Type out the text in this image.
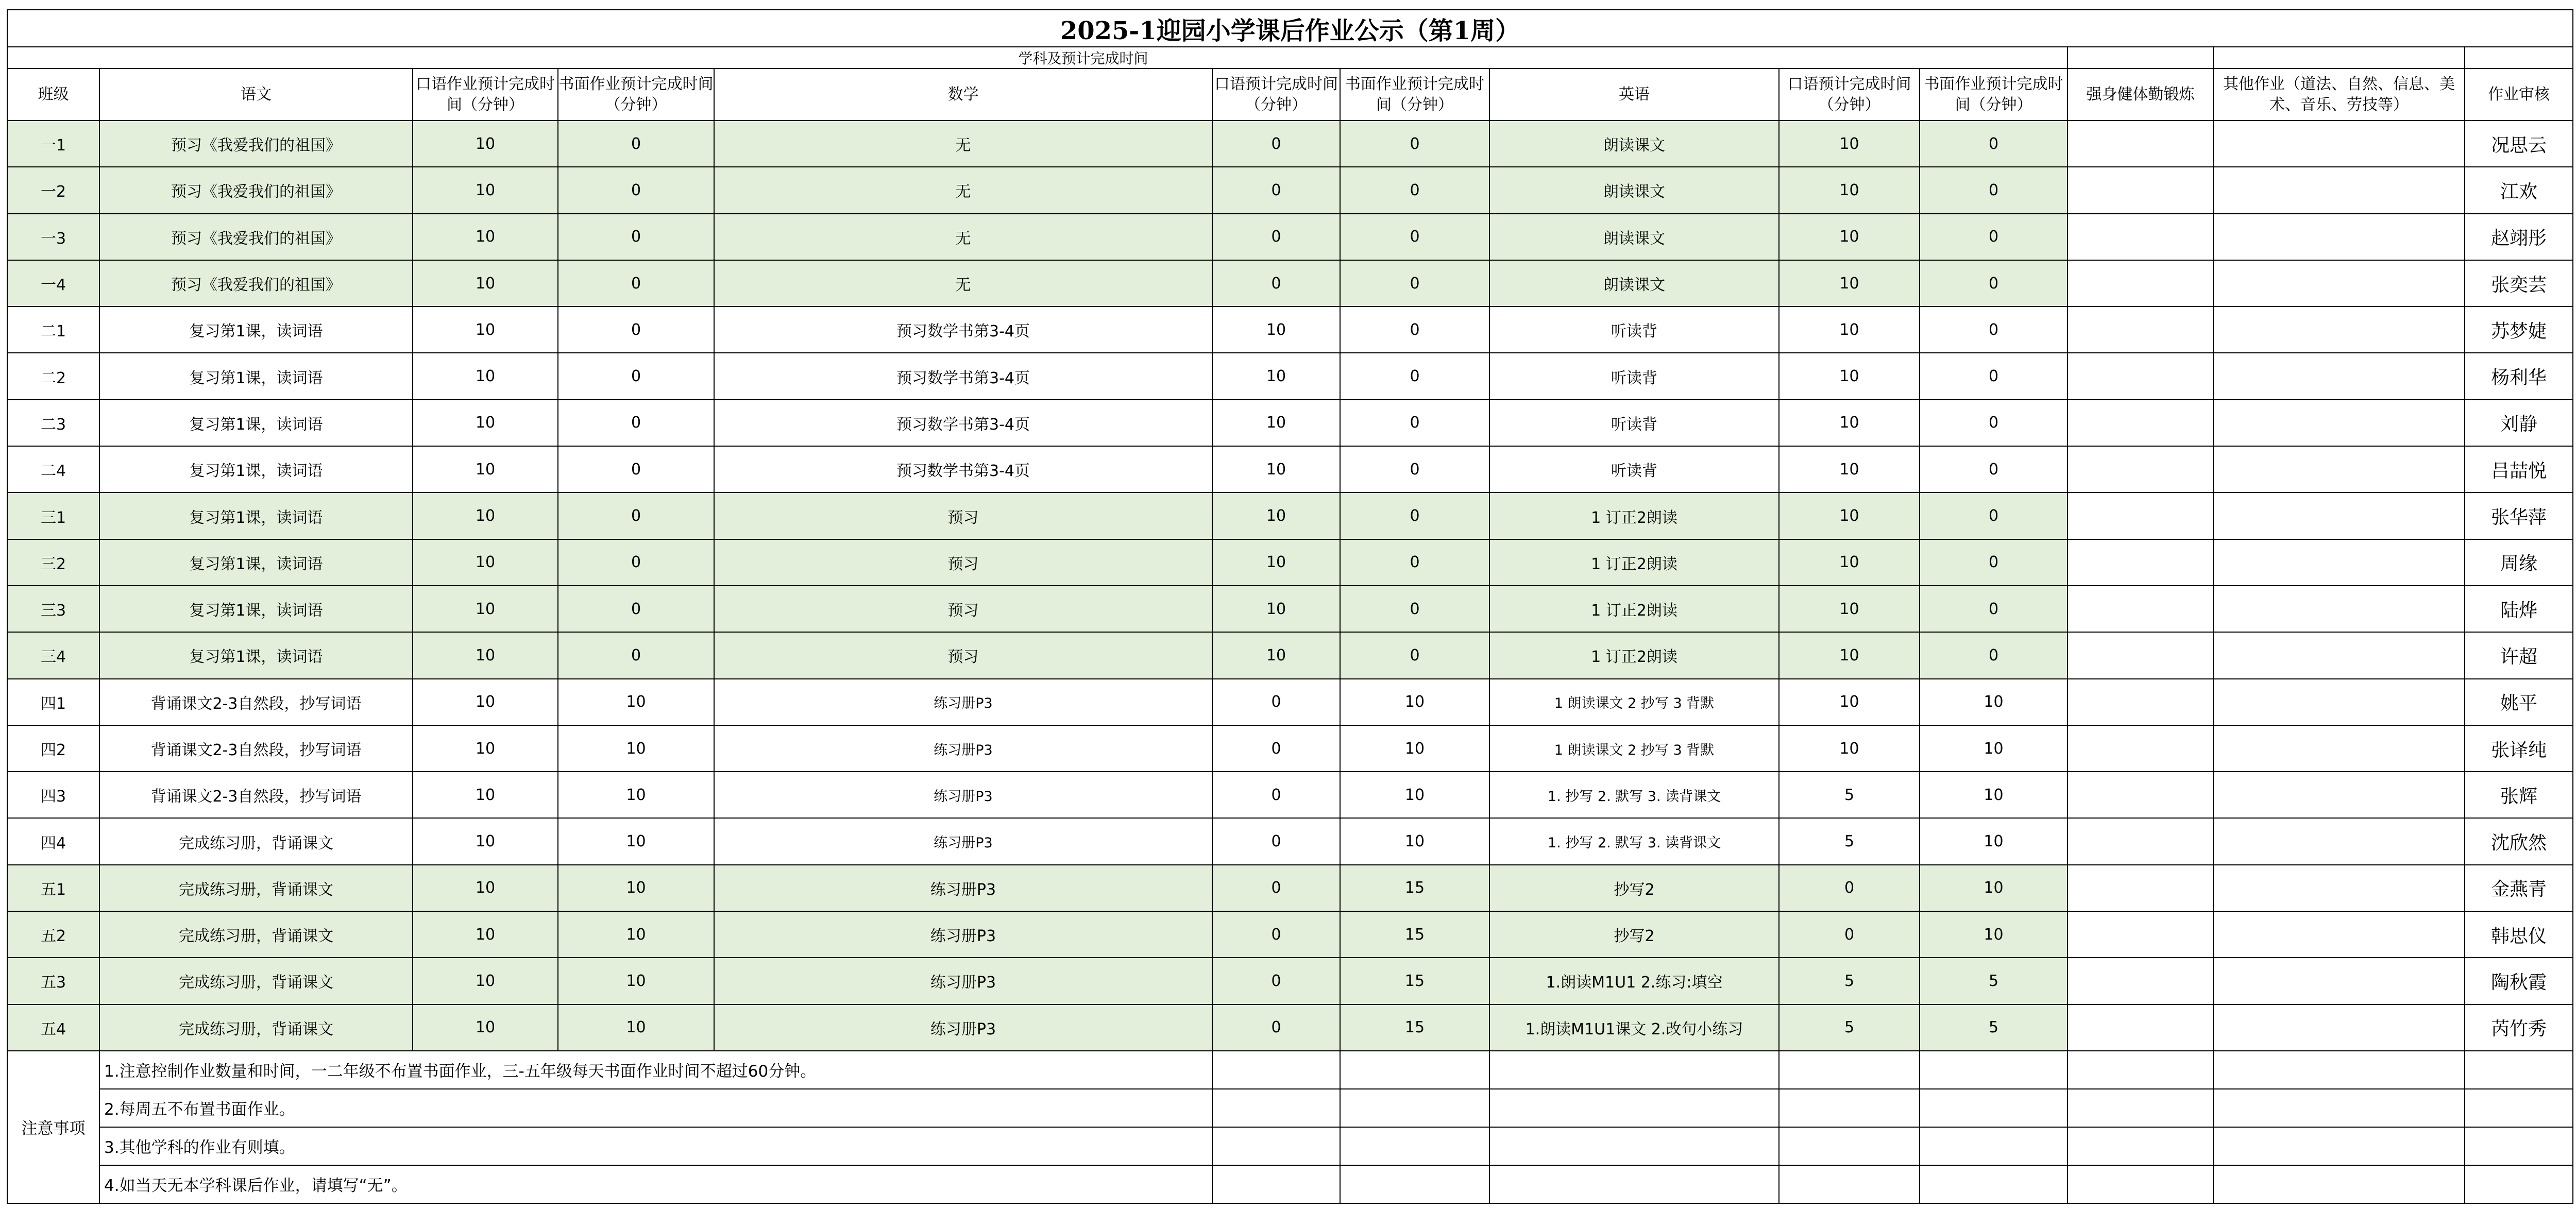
2025-1迎园小学课后作业公示（第1周）												
	学科及预计完成时间											
班级	语文	口语作业预计完成时间（分钟）	书面作业预计完成时间（分钟）	数学	口语预计完成时间（分钟）	书面作业预计完成时间（分钟）	英语	口语预计完成时间（分钟）	书面作业预计完成时间（分钟）	强身健体勤锻炼	其他作业（道法、自然、信息、美术、音乐、劳技等）	作业审核
一1	预习《我爱我们的祖国》	10	0	无	0	0	朗读课文	10	0			况思云
一2	预习《我爱我们的祖国》	10	0	无	0	0	朗读课文	10	0			江欢
一3	预习《我爱我们的祖国》	10	0	无	0	0	朗读课文	10	0			赵翊彤
一4	预习《我爱我们的祖国》	10	0	无	0	0	朗读课文	10	0			张奕芸
二1	复习第1课，读词语	10	0	预习数学书第3-4页	10	0	听读背	10	0			苏梦婕
二2	复习第1课，读词语	10	0	预习数学书第3-4页	10	0	听读背	10	0			杨利华
二3	复习第1课，读词语	10	0	预习数学书第3-4页	10	0	听读背	10	0			刘静
二4	复习第1课，读词语	10	0	预习数学书第3-4页	10	0	听读背	10	0			吕喆悦
三1	复习第1课，读词语	10	0	预习	10	0	1 订正2朗读	10	0			张华萍
三2	复习第1课，读词语	10	0	预习	10	0	1 订正2朗读	10	0			周缘
三3	复习第1课，读词语	10	0	预习	10	0	1 订正2朗读	10	0			陆烨
三4	复习第1课，读词语	10	0	预习	10	0	1 订正2朗读	10	0			许超
四1	背诵课文2-3自然段，抄写词语	10	10	练习册P3	0	10	1 朗读课文 2 抄写 3 背默	10	10			姚平
四2	背诵课文2-3自然段，抄写词语	10	10	练习册P3	0	10	1 朗读课文 2 抄写 3 背默	10	10			张译纯
四3	背诵课文2-3自然段，抄写词语	10	10	练习册P3	0	10	1. 抄写 2. 默写 3. 读背课文	5	10			张辉
四4	完成练习册，背诵课文	10	10	练习册P3	0	10	1. 抄写 2. 默写 3. 读背课文	5	10			沈欣然
五1	完成练习册，背诵课文	10	10	练习册P3	0	15	抄写2	0	10			金燕青
五2	完成练习册，背诵课文	10	10	练习册P3	0	15	抄写2	0	10			韩思仪
五3	完成练习册，背诵课文	10	10	练习册P3	0	15	1.朗读M1U1 2.练习:填空	5	5			陶秋霞
五4	完成练习册，背诵课文	10	10	练习册P3	0	15	1.朗读M1U1课文 2.改句小练习	5	5			芮竹秀
注意事项	1.注意控制作业数量和时间，一二年级不布置书面作业，三-五年级每天书面作业时间不超过60分钟。											
	2.每周五不布置书面作业。											
	3.其他学科的作业有则填。											
	4.如当天无本学科课后作业，请填写“无”。											
